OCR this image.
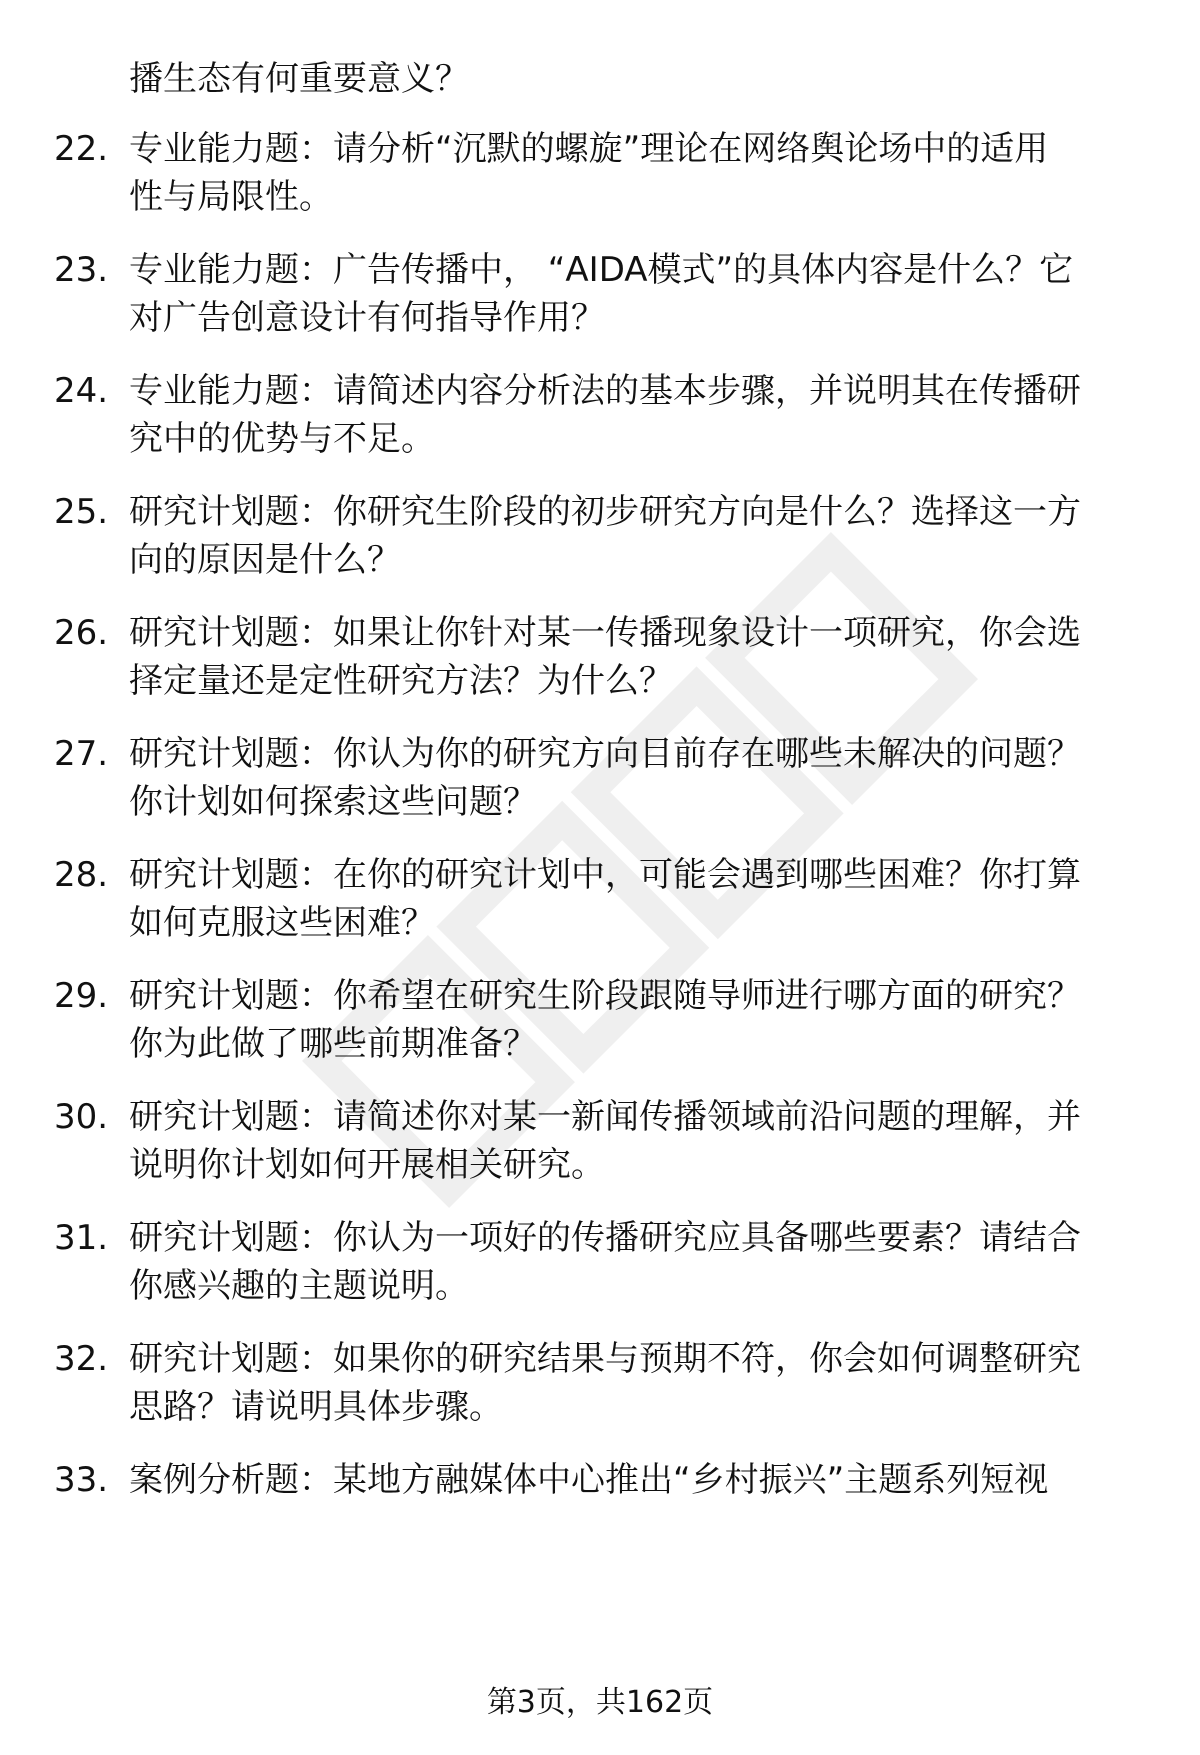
播生态有何重要意义？
22. 专业能力题：请分析“沉默的螺旋”理论在网络舆论场中的适用
性与局限性。
23. 专业能力题：广告传播中， “AIDA模式”的具体内容是什么？它
对广告创意设计有何指导作用？
24. 专业能力题：请简述内容分析法的基本步骤，并说明其在传播研
究中的优势与不足。
25. 研究计划题：你研究生阶段的初步研究方向是什么？选择这一方
向的原因是什么？
26. 研究计划题：如果让你针对某一传播现象设计一项研究，你会选
择定量还是定性研究方法？为什么？
27. 研究计划题：你认为你的研究方向目前存在哪些未解决的问题？
你计划如何探索这些问题？
28. 研究计划题：在你的研究计划中，可能会遇到哪些困难？你打算
如何克服这些困难？
29. 研究计划题：你希望在研究生阶段跟随导师进行哪方面的研究？
你为此做了哪些前期准备？
30. 研究计划题：请简述你对某一新闻传播领域前沿问题的理解，并
说明你计划如何开展相关研究。
31. 研究计划题：你认为一项好的传播研究应具备哪些要素？请结合
你感兴趣的主题说明。
32. 研究计划题：如果你的研究结果与预期不符，你会如何调整研究
思路？请说明具体步骤。
33. 案例分析题：某地方融媒体中心推出“乡村振兴”主题系列短视
第3页，共162页
